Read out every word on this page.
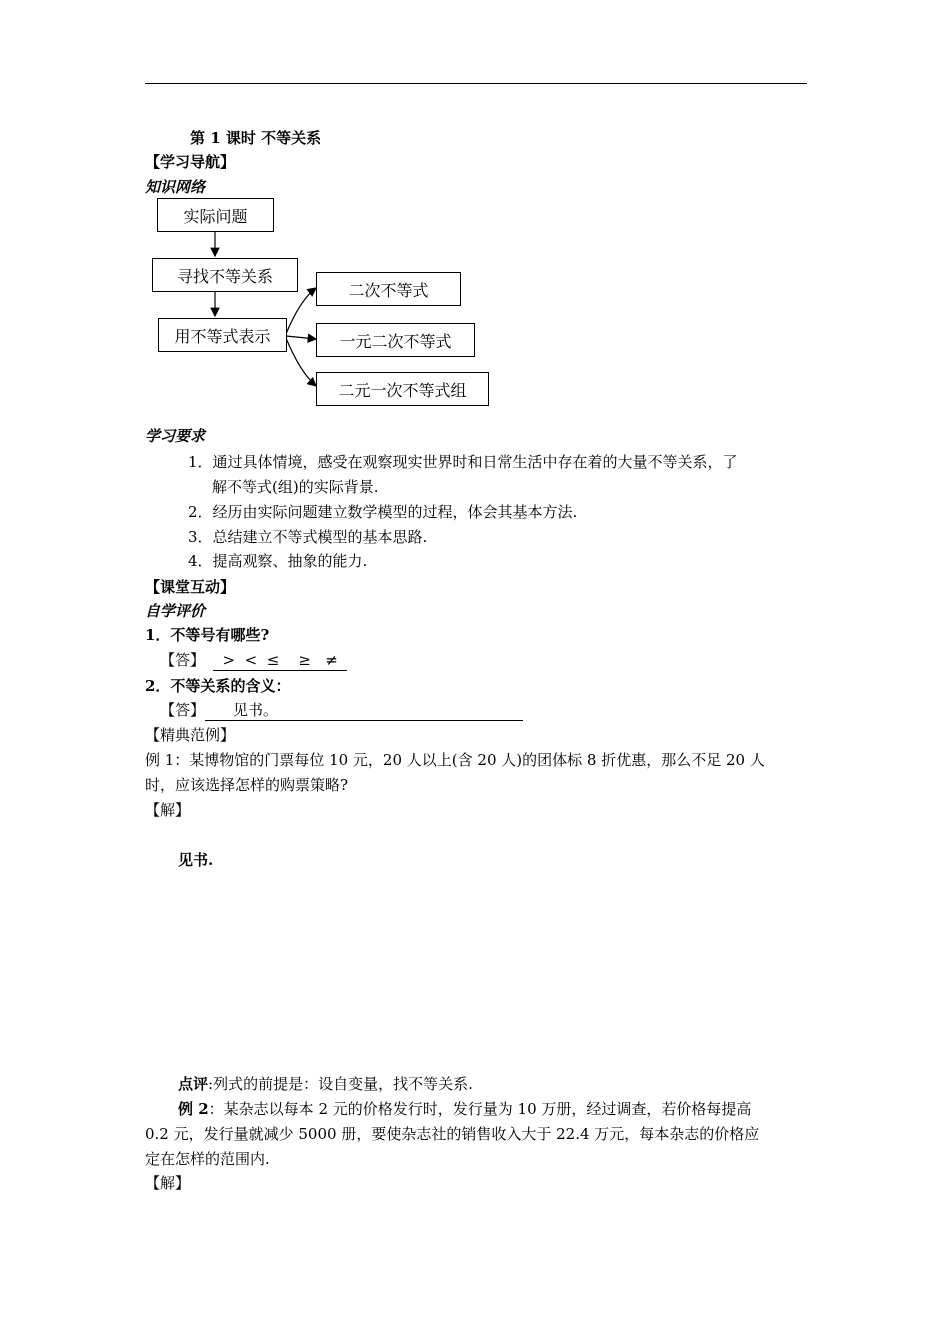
第 1 课时 不等关系
【学习导航】
知识网络
实际问题
寻找不等关系
用不等式表示
二次不等式
一元二次不等式
二元一次不等式组
学习要求
1．通过具体情境，感受在观察现实世界时和日常生活中存在着的大量不等关系，了
解不等式(组)的实际背景.
2．经历由实际问题建立数学模型的过程，体会其基本方法.
3．总结建立不等式模型的基本思路.
4．提高观察、抽象的能力.
【课堂互动】
自学评价
1．不等号有哪些?
【答】  >  <  ≤    ≥   ≠
2．不等关系的含义：
【答】 见书。
【精典范例】
例 1：某博物馆的门票每位 10 元，20 人以上(含 20 人)的团体标 8 折优惠，那么不足 20 人
时，应该选择怎样的购票策略?
【解】
见书.
点评:列式的前提是：设自变量，找不等关系.
例 2：某杂志以每本 2 元的价格发行时，发行量为 10 万册，经过调查，若价格每提高
0.2 元，发行量就减少 5000 册，要使杂志社的销售收入大于 22.4 万元，每本杂志的价格应
定在怎样的范围内.
【解】
